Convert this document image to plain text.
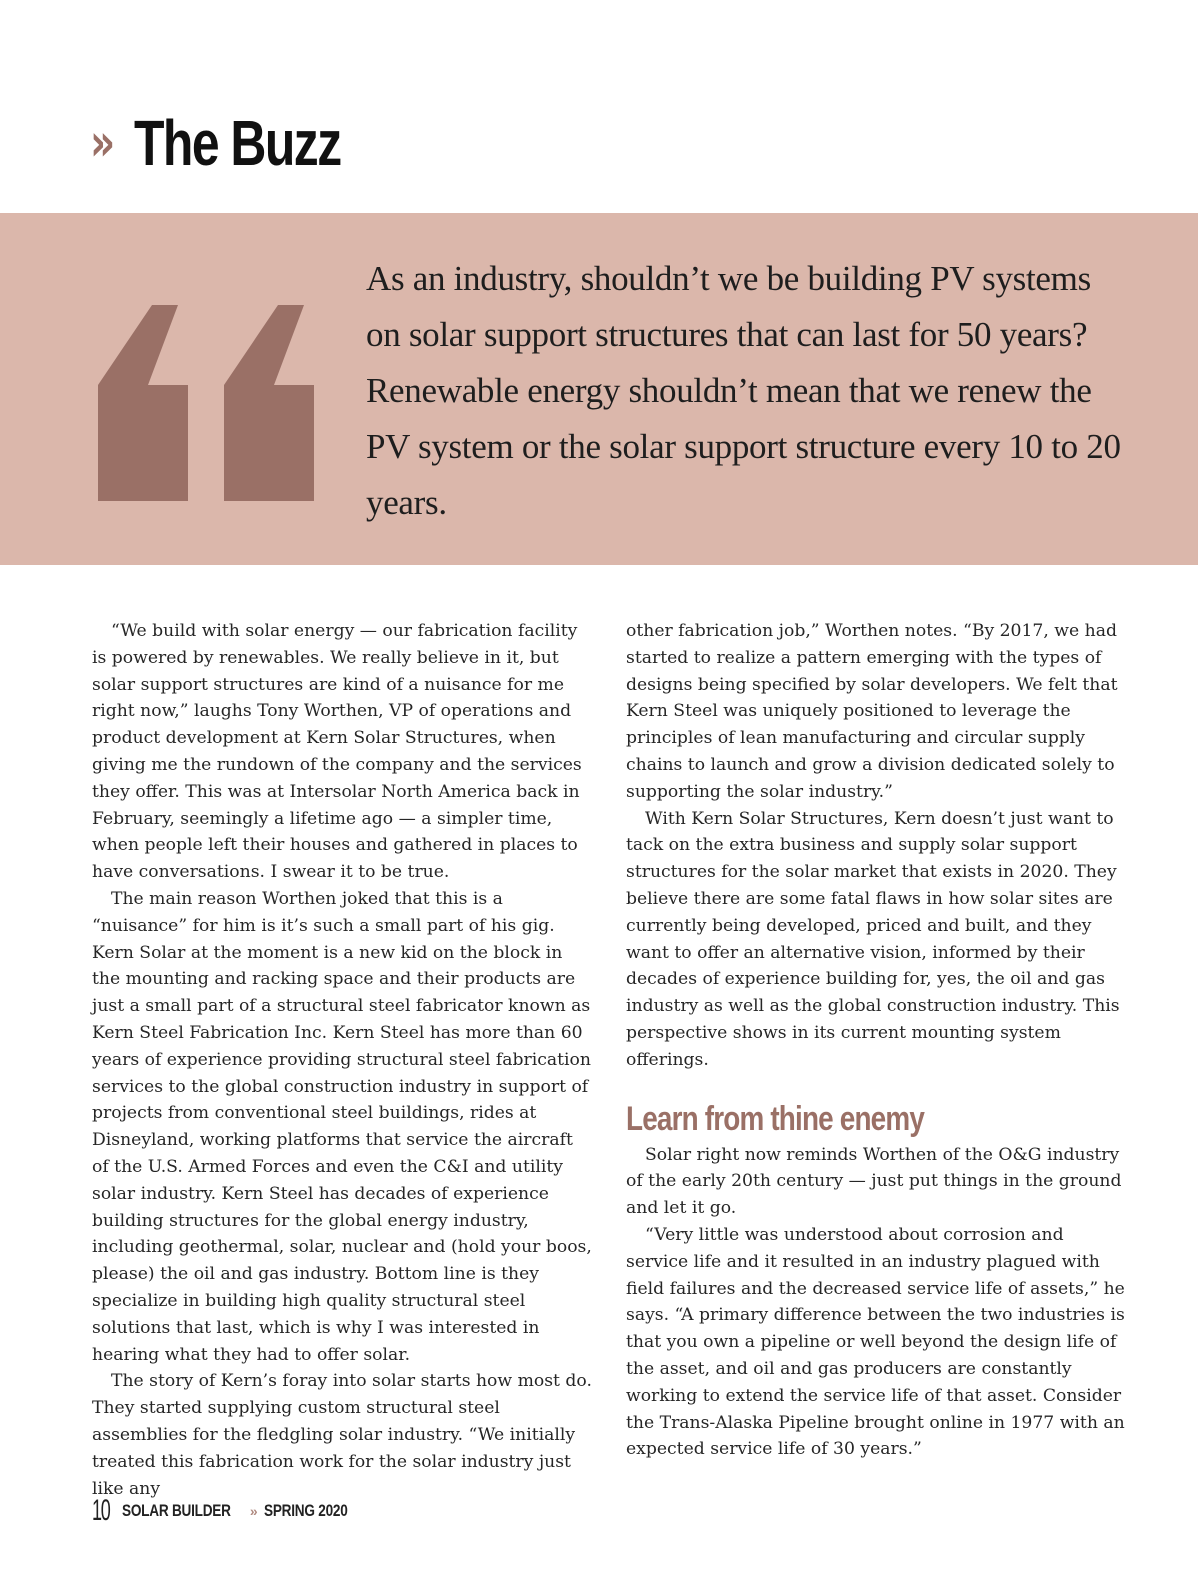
» The Buzz

As an industry, shouldn’t we be building PV systems on solar support structures that can last for 50 years? Renewable energy shouldn’t mean that we renew the PV system or the solar support structure every 10 to 20 years.

“We build with solar energy — our fabrication facility is powered by renewables. We really believe in it, but solar support structures are kind of a nuisance for me right now,” laughs Tony Worthen, VP of operations and product development at Kern Solar Structures, when giving me the rundown of the company and the services they offer. This was at Intersolar North America back in February, seemingly a lifetime ago — a simpler time, when people left their houses and gathered in places to have conversations. I swear it to be true.

The main reason Worthen joked that this is a “nuisance” for him is it’s such a small part of his gig. Kern Solar at the moment is a new kid on the block in the mounting and racking space and their products are just a small part of a structural steel fabricator known as Kern Steel Fabrication Inc. Kern Steel has more than 60 years of experience providing structural steel fabrication services to the global construction industry in support of projects from conventional steel buildings, rides at Disneyland, working platforms that service the aircraft of the U.S. Armed Forces and even the C&I and utility solar industry. Kern Steel has decades of experience building structures for the global energy industry, including geothermal, solar, nuclear and (hold your boos, please) the oil and gas industry. Bottom line is they specialize in building high quality structural steel solutions that last, which is why I was interested in hearing what they had to offer solar.

The story of Kern’s foray into solar starts how most do. They started supplying custom structural steel assemblies for the fledgling solar industry. “We initially treated this fabrication work for the solar industry just like any

other fabrication job,” Worthen notes. “By 2017, we had started to realize a pattern emerging with the types of designs being specified by solar developers. We felt that Kern Steel was uniquely positioned to leverage the principles of lean manufacturing and circular supply chains to launch and grow a division dedicated solely to supporting the solar industry.”

With Kern Solar Structures, Kern doesn’t just want to tack on the extra business and supply solar support structures for the solar market that exists in 2020. They believe there are some fatal flaws in how solar sites are currently being developed, priced and built, and they want to offer an alternative vision, informed by their decades of experience building for, yes, the oil and gas industry as well as the global construction industry. This perspective shows in its current mounting system offerings.

Learn from thine enemy

Solar right now reminds Worthen of the O&G industry of the early 20th century — just put things in the ground and let it go.

“Very little was understood about corrosion and service life and it resulted in an industry plagued with field failures and the decreased service life of assets,” he says. “A primary difference between the two industries is that you own a pipeline or well beyond the design life of the asset, and oil and gas producers are constantly working to extend the service life of that asset. Consider the Trans-Alaska Pipeline brought online in 1977 with an expected service life of 30 years.”

10 SOLAR BUILDER » SPRING 2020
